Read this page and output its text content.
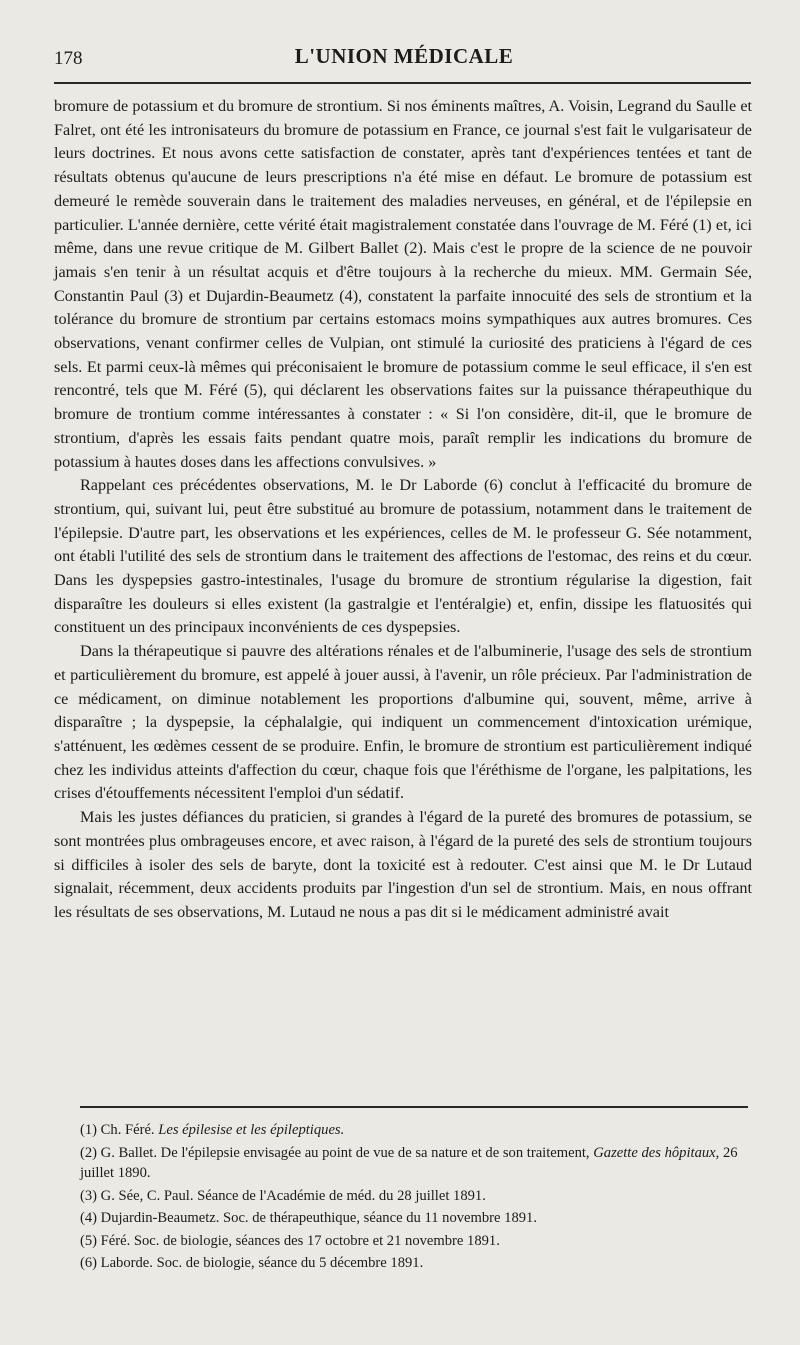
178	L'UNION MÉDICALE

bromure de potassium et du bromure de strontium. Si nos éminents maîtres, A. Voisin, Legrand du Saulle et Falret, ont été les intronisateurs du bromure de potassium en France, ce journal s'est fait le vulgarisateur de leurs doctrines. Et nous avons cette satisfaction de constater, après tant d'expériences tentées et tant de résultats obtenus qu'aucune de leurs prescriptions n'a été mise en défaut. Le bromure de potassium est demeuré le remède souverain dans le traitement des maladies nerveuses, en général, et de l'épilepsie en particulier. L'année dernière, cette vérité était magistralement constatée dans l'ouvrage de M. Féré (1) et, ici même, dans une revue critique de M. Gilbert Ballet (2). Mais c'est le propre de la science de ne pouvoir jamais s'en tenir à un résultat acquis et d'être toujours à la recherche du mieux. MM. Germain Sée, Constantin Paul (3) et Dujardin-Beaumetz (4), constatent la parfaite innocuité des sels de strontium et la tolérance du bromure de strontium par certains estomacs moins sympathiques aux autres bromures. Ces observations, venant confirmer celles de Vulpian, ont stimulé la curiosité des praticiens à l'égard de ces sels. Et parmi ceux-là mêmes qui préconisaient le bromure de potassium comme le seul efficace, il s'en est rencontré, tels que M. Féré (5), qui déclarent les observations faites sur la puissance thérapeuthique du bromure de trontium comme intéressantes à constater : « Si l'on considère, dit-il, que le bromure de strontium, d'après les essais faits pendant quatre mois, paraît remplir les indications du bromure de potassium à hautes doses dans les affections convulsives. »

Rappelant ces précédentes observations, M. le Dr Laborde (6) conclut à l'efficacité du bromure de strontium, qui, suivant lui, peut être substitué au bromure de potassium, notamment dans le traitement de l'épilepsie. D'autre part, les observations et les expériences, celles de M. le professeur G. Sée notamment, ont établi l'utilité des sels de strontium dans le traitement des affections de l'estomac, des reins et du cœur. Dans les dyspepsies gastro-intestinales, l'usage du bromure de strontium régularise la digestion, fait disparaître les douleurs si elles existent (la gastralgie et l'entéralgie) et, enfin, dissipe les flatuosités qui constituent un des principaux inconvénients de ces dyspepsies.

Dans la thérapeutique si pauvre des altérations rénales et de l'albuminerie, l'usage des sels de strontium et particulièrement du bromure, est appelé à jouer aussi, à l'avenir, un rôle précieux. Par l'administration de ce médicament, on diminue notablement les proportions d'albumine qui, souvent, même, arrive à disparaître ; la dyspepsie, la céphalalgie, qui indiquent un commencement d'intoxication urémique, s'atténuent, les œdèmes cessent de se produire. Enfin, le bromure de strontium est particulièrement indiqué chez les individus atteints d'affection du cœur, chaque fois que l'éréthisme de l'organe, les palpitations, les crises d'étouffements nécessitent l'emploi d'un sédatif.

Mais les justes défiances du praticien, si grandes à l'égard de la pureté des bromures de potassium, se sont montrées plus ombrageuses encore, et avec raison, à l'égard de la pureté des sels de strontium toujours si difficiles à isoler des sels de baryte, dont la toxicité est à redouter. C'est ainsi que M. le Dr Lutaud signalait, récemment, deux accidents produits par l'ingestion d'un sel de strontium. Mais, en nous offrant les résultats de ses observations, M. Lutaud ne nous a pas dit si le médicament administré avait

(1) Ch. Féré. Les épilesise et les épileptiques.

(2) G. Ballet. De l'épilepsie envisagée au point de vue de sa nature et de son traitement, Gazette des hôpitaux, 26 juillet 1890.

(3) G. Sée, C. Paul. Séance de l'Académie de méd. du 28 juillet 1891.

(4) Dujardin-Beaumetz. Soc. de thérapeuthique, séance du 11 novembre 1891.

(5) Féré. Soc. de biologie, séances des 17 octobre et 21 novembre 1891.

(6) Laborde. Soc. de biologie, séance du 5 décembre 1891.
